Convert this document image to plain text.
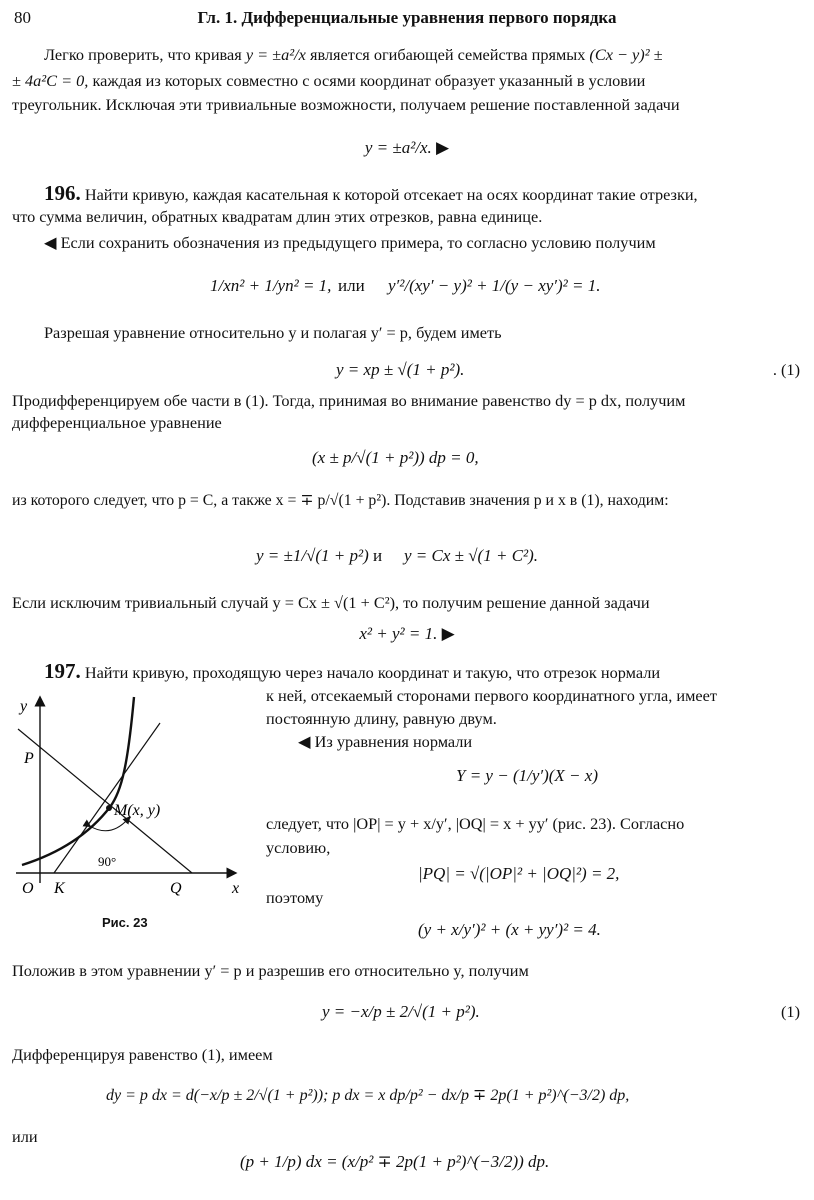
80	Гл. 1. Дифференциальные уравнения первого порядка
Легко проверить, что кривая y = ±a²/x является огибающей семейства прямых (Cx − y)² ±
± 4a²C = 0, каждая из которых совместно с осями координат образует указанный в условии
треугольник. Исключая эти тривиальные возможности, получаем решение поставленной задачи
y = ±a²/x. ▶
196. Найти кривую, каждая касательная к которой отсекает на осях координат такие отрезки,
что сумма величин, обратных квадратам длин этих отрезков, равна единице.
◀ Если сохранить обозначения из предыдущего примера, то согласно условию получим
1/xп² + 1/yп² = 1, или y′²/(xy′ − y)² + 1/(y − xy′)² = 1.
Разрешая уравнение относительно y и полагая y′ = p, будем иметь
y = xp ± √(1 + p²).	. (1)
Продифференцируем обе части в (1). Тогда, принимая во внимание равенство dy = p dx, получим
дифференциальное уравнение
(x ± p/√(1 + p²)) dp = 0,
из которого следует, что p = C, а также x = ∓ p/√(1 + p²). Подставив значения p и x в (1), находим:
y = ±1/√(1 + p²) и y = Cx ± √(1 + C²).
Если исключим тривиальный случай y = Cx ± √(1 + C²), то получим решение данной задачи
x² + y² = 1. ▶
197. Найти кривую, проходящую через начало координат и такую, что отрезок нормали
к ней, отсекаемый сторонами первого координатного угла, имеет
постоянную длину, равную двум.
◀ Из уравнения нормали
Y = y − (1/y′)(X − x)
следует, что |OP| = y + x/y′, |OQ| = x + yy′ (рис. 23). Согласно
условию,
|PQ| = √(|OP|² + |OQ|²) = 2,
поэтому
(y + x/y′)² + (x + yy′)² = 4.
y
P
M(x, y)
90°
O K	Q	x
Рис. 23
Положив в этом уравнении y′ = p и разрешив его относительно y, получим
y = −x/p ± 2/√(1 + p²).	(1)
Дифференцируя равенство (1), имеем
dy = p dx = d(−x/p ± 2/√(1 + p²)); p dx = x dp/p² − dx/p ∓ 2p(1 + p²)^(−3/2) dp,
или
(p + 1/p) dx = (x/p² ∓ 2p(1 + p²)^(−3/2)) dp.
